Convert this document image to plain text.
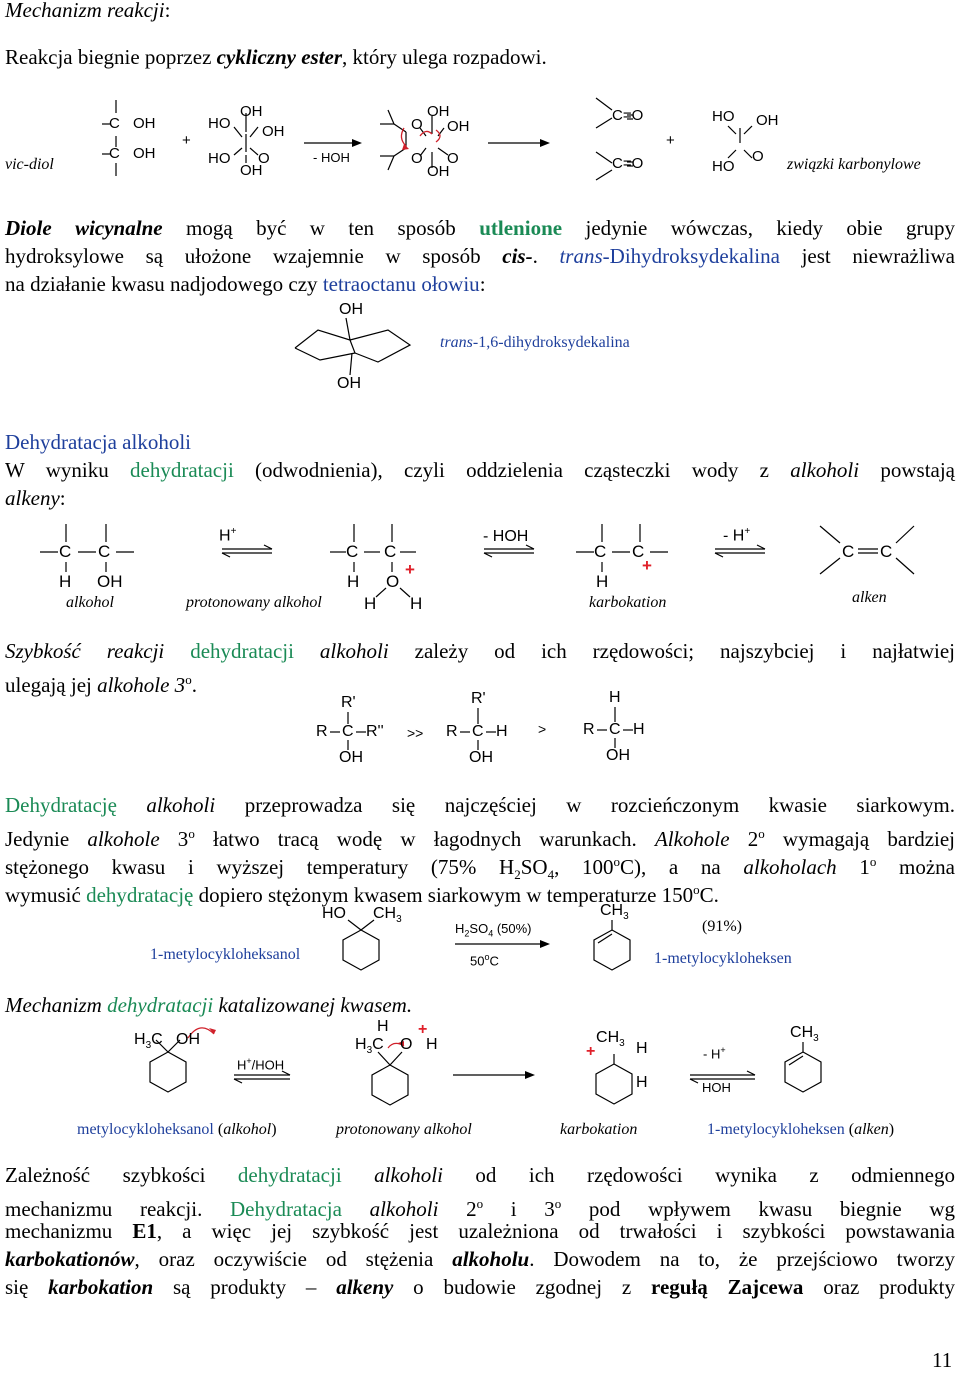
Mechanizm reakcji:
Reakcja biegnie poprzez cykliczny ester, który ulega rozpadowi.
C OH
C OH
vic-diol
+
HO
OH
OH
HO O
OH
- HOH
O
OH
OH
O O
OH
C=O
C=O
+
HO OH
HO
O związki karbonylowe
Diole wicynalne mogą być w ten sposób utlenione jedynie wówczas, kiedy obie grupy
hydroksylowe są ułożone wzajemnie w sposób cis-. trans-Dihydroksydekalina jest niewrażliwa
na działanie kwasu nadjodowego czy tetraoctanu ołowiu:
OH
OH
trans-1,6-dihydroksydekalina
Dehydratacja alkoholi
W wyniku dehydratacji (odwodnienia), czyli oddzielenia cząsteczki wody z alkoholi powstają
alkeny:
C C
H OH
alkohol
H+
C C
H O
+
H H
protonowany alkohol
- HOH
C C
H
+
karbokation
- H+
C C
alken
Szybkość reakcji dehydratacji alkoholi zależy od ich rzędowości; najszybciej i najłatwiej
ulegają jej alkohole 3$^o$.
R'
R C R''
OH
>>
R'
R C H
OH
>
H
R C H
OH
Dehydratację alkoholi przeprowadza się najczęściej w rozcieńczonym kwasie siarkowym.
Jedynie alkohole 3$^o$ łatwo tracą wodę w łagodnych warunkach. Alkohole 2$^o$ wymagają bardziej
stężonego kwasu i wyższej temperatury (75% $H_2SO_4$, 100$^o$C), a na alkoholach 1$^o$ można
wymusić dehydratację dopiero stężonym kwasem siarkowym w temperaturze 150$^o$C.
HO $CH_3$
$H_2SO_4$ (50%)
50$^o$C
$CH_3$
(91%)
1-metylocykloheksanol	1-metylocykloheksen
Mechanizm dehydratacji katalizowanej kwasem.
$H_3C$ OH
H+/HOH
H +
$H_3C$ O H	$CH_3$
+	H
H
- H+
HOH
$CH_3$
metylocykloheksanol (alkohol)	protonowany alkohol	karbokation	1-metylocykloheksen (alken)
Zależność szybkości dehydratacji alkoholi od ich rzędowości wynika z odmiennego
mechanizmu reakcji. Dehydratacja alkoholi 2$^o$ i 3$^o$ pod wpływem kwasu biegnie wg
mechanizmu E1, a więc jej szybkość jest uzależniona od trwałości i szybkości powstawania
karbokationów, oraz oczywiście od stężenia alkoholu. Dowodem na to, że przejściowo tworzy
się karbokation są produkty – alkeny o budowie zgodnej z regułą Zajcewa oraz produkty
11
